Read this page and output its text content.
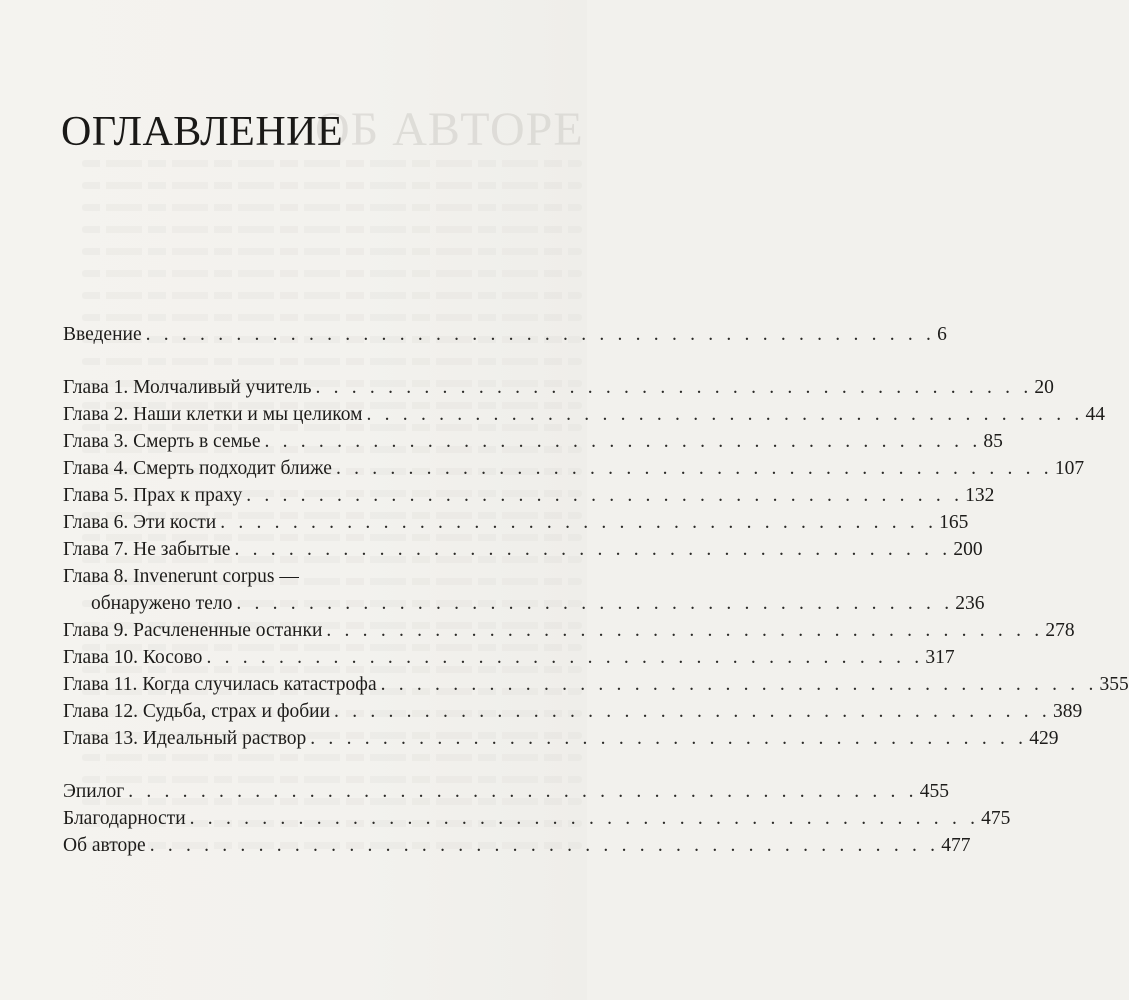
ОБ АВТОРЕ
ОГЛАВЛЕНИЕ
Введение . . . . . . . . . . . . . . . . . . . . . . . . . . . . . . . . . . . . . . . . . . . . 6
Глава 1. Молчаливый учитель . . . . . . . . . . . . . . . . . . . . . . . . . . . . . . . . . . . . . . . . 20
Глава 2. Наши клетки и мы целиком . . . . . . . . . . . . . . . . . . . . . . . . . . . . . . . . . . . . . . . . 44
Глава 3. Смерть в семье . . . . . . . . . . . . . . . . . . . . . . . . . . . . . . . . . . . . . . . . 85
Глава 4. Смерть подходит ближе . . . . . . . . . . . . . . . . . . . . . . . . . . . . . . . . . . . . . . . . 107
Глава 5. Прах к праху . . . . . . . . . . . . . . . . . . . . . . . . . . . . . . . . . . . . . . . . 132
Глава 6. Эти кости . . . . . . . . . . . . . . . . . . . . . . . . . . . . . . . . . . . . . . . . 165
Глава 7. Не забытые . . . . . . . . . . . . . . . . . . . . . . . . . . . . . . . . . . . . . . . . 200
Глава 8. Invenerunt corpus —
обнаружено тело . . . . . . . . . . . . . . . . . . . . . . . . . . . . . . . . . . . . . . . . 236
Глава 9. Расчлененные останки . . . . . . . . . . . . . . . . . . . . . . . . . . . . . . . . . . . . . . . . 278
Глава 10. Косово . . . . . . . . . . . . . . . . . . . . . . . . . . . . . . . . . . . . . . . . 317
Глава 11. Когда случилась катастрофа . . . . . . . . . . . . . . . . . . . . . . . . . . . . . . . . . . . . . . . . 355
Глава 12. Судьба, страх и фобии . . . . . . . . . . . . . . . . . . . . . . . . . . . . . . . . . . . . . . . . 389
Глава 13. Идеальный раствор . . . . . . . . . . . . . . . . . . . . . . . . . . . . . . . . . . . . . . . . 429
Эпилог . . . . . . . . . . . . . . . . . . . . . . . . . . . . . . . . . . . . . . . . . . . . 455
Благодарности . . . . . . . . . . . . . . . . . . . . . . . . . . . . . . . . . . . . . . . . . . . . 475
Об авторе . . . . . . . . . . . . . . . . . . . . . . . . . . . . . . . . . . . . . . . . . . . . 477
